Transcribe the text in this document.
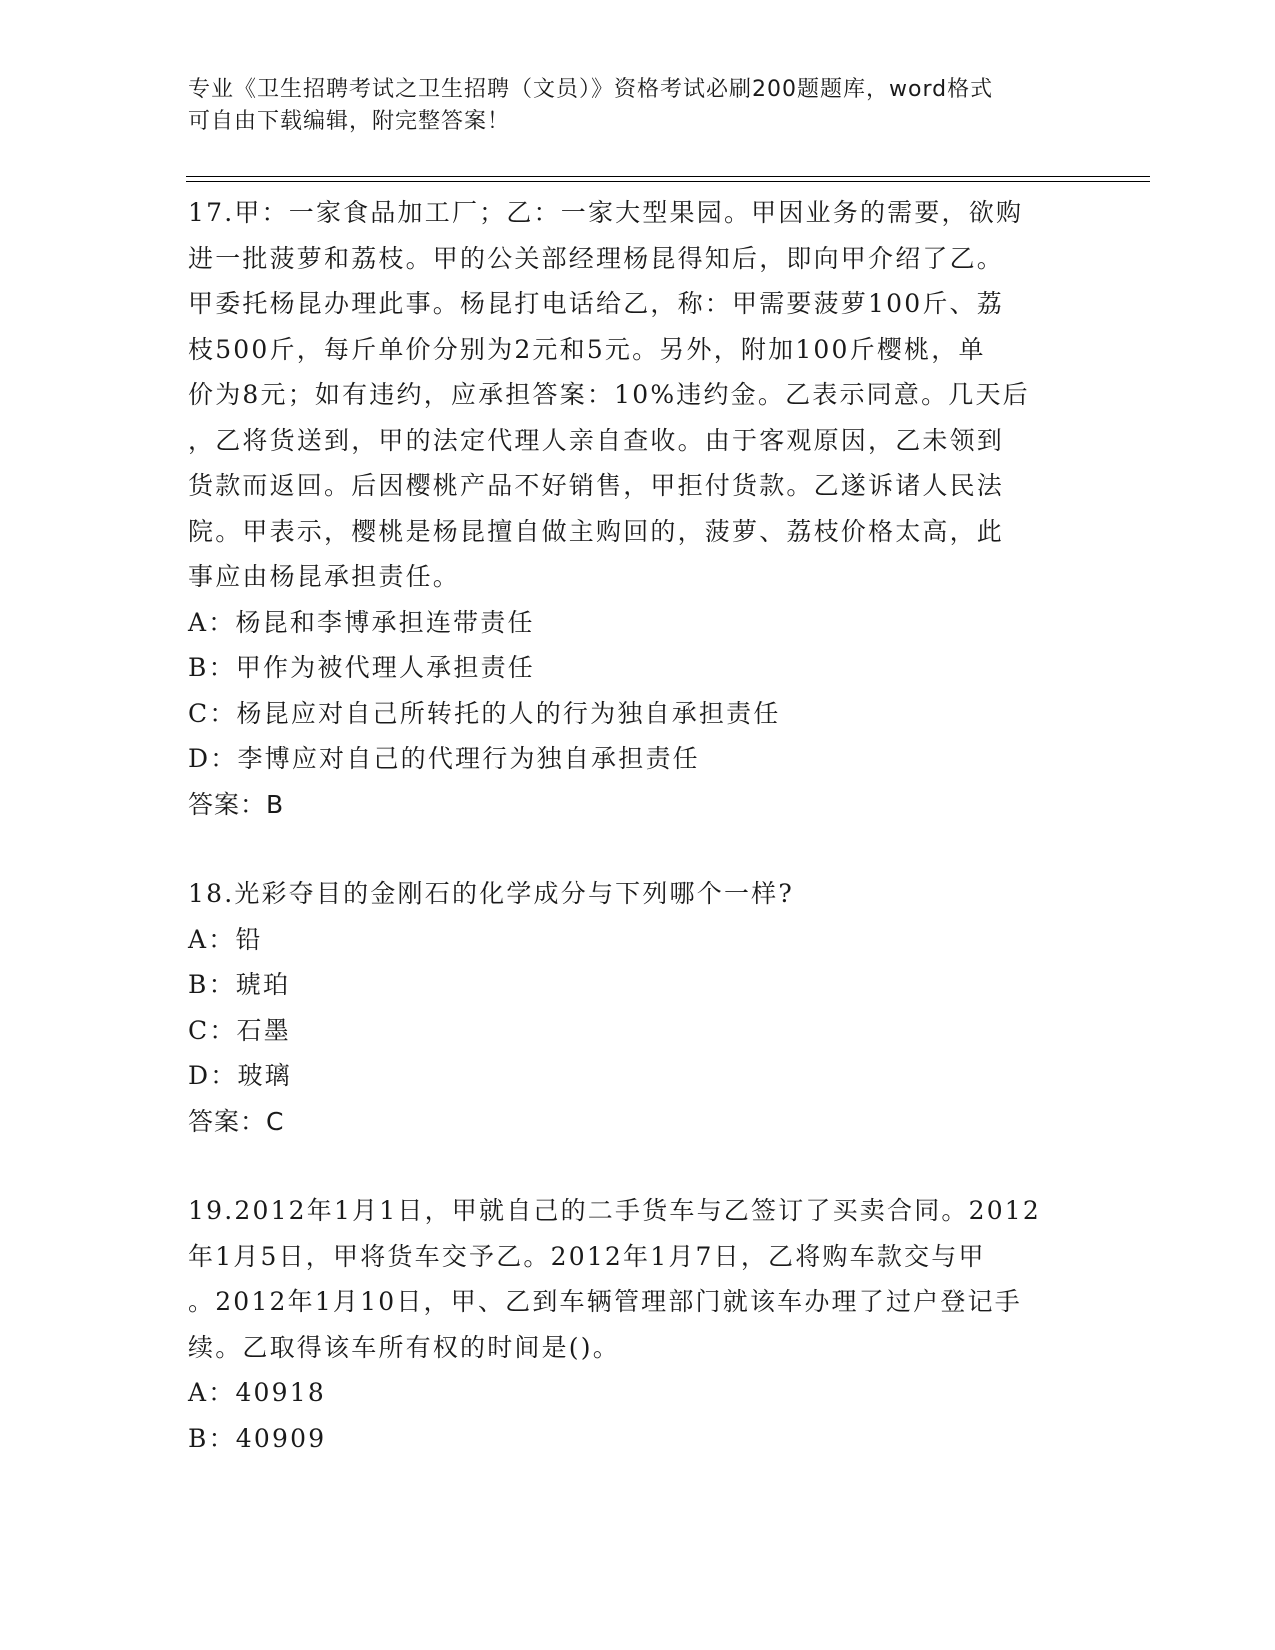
专业《卫生招聘考试之卫生招聘（文员）》资格考试必刷200题题库，word格式
可自由下载编辑，附完整答案！
17.甲：一家食品加工厂；乙：一家大型果园。甲因业务的需要，欲购
进一批菠萝和荔枝。甲的公关部经理杨昆得知后，即向甲介绍了乙。
甲委托杨昆办理此事。杨昆打电话给乙，称：甲需要菠萝100斤、荔
枝500斤，每斤单价分别为2元和5元。另外，附加100斤樱桃，单
价为8元；如有违约，应承担答案：10%违约金。乙表示同意。几天后
，乙将货送到，甲的法定代理人亲自查收。由于客观原因，乙未领到
货款而返回。后因樱桃产品不好销售，甲拒付货款。乙遂诉诸人民法
院。甲表示，樱桃是杨昆擅自做主购回的，菠萝、荔枝价格太高，此
事应由杨昆承担责任。
A：杨昆和李博承担连带责任
B：甲作为被代理人承担责任
C：杨昆应对自己所转托的人的行为独自承担责任
D：李博应对自己的代理行为独自承担责任
答案：B
18.光彩夺目的金刚石的化学成分与下列哪个一样?
A：铅
B：琥珀
C：石墨
D：玻璃
答案：C
19.2012年1月1日，甲就自己的二手货车与乙签订了买卖合同。2012
年1月5日，甲将货车交予乙。2012年1月7日，乙将购车款交与甲
。2012年1月10日，甲、乙到车辆管理部门就该车办理了过户登记手
续。乙取得该车所有权的时间是()。
A：40918
B：40909
